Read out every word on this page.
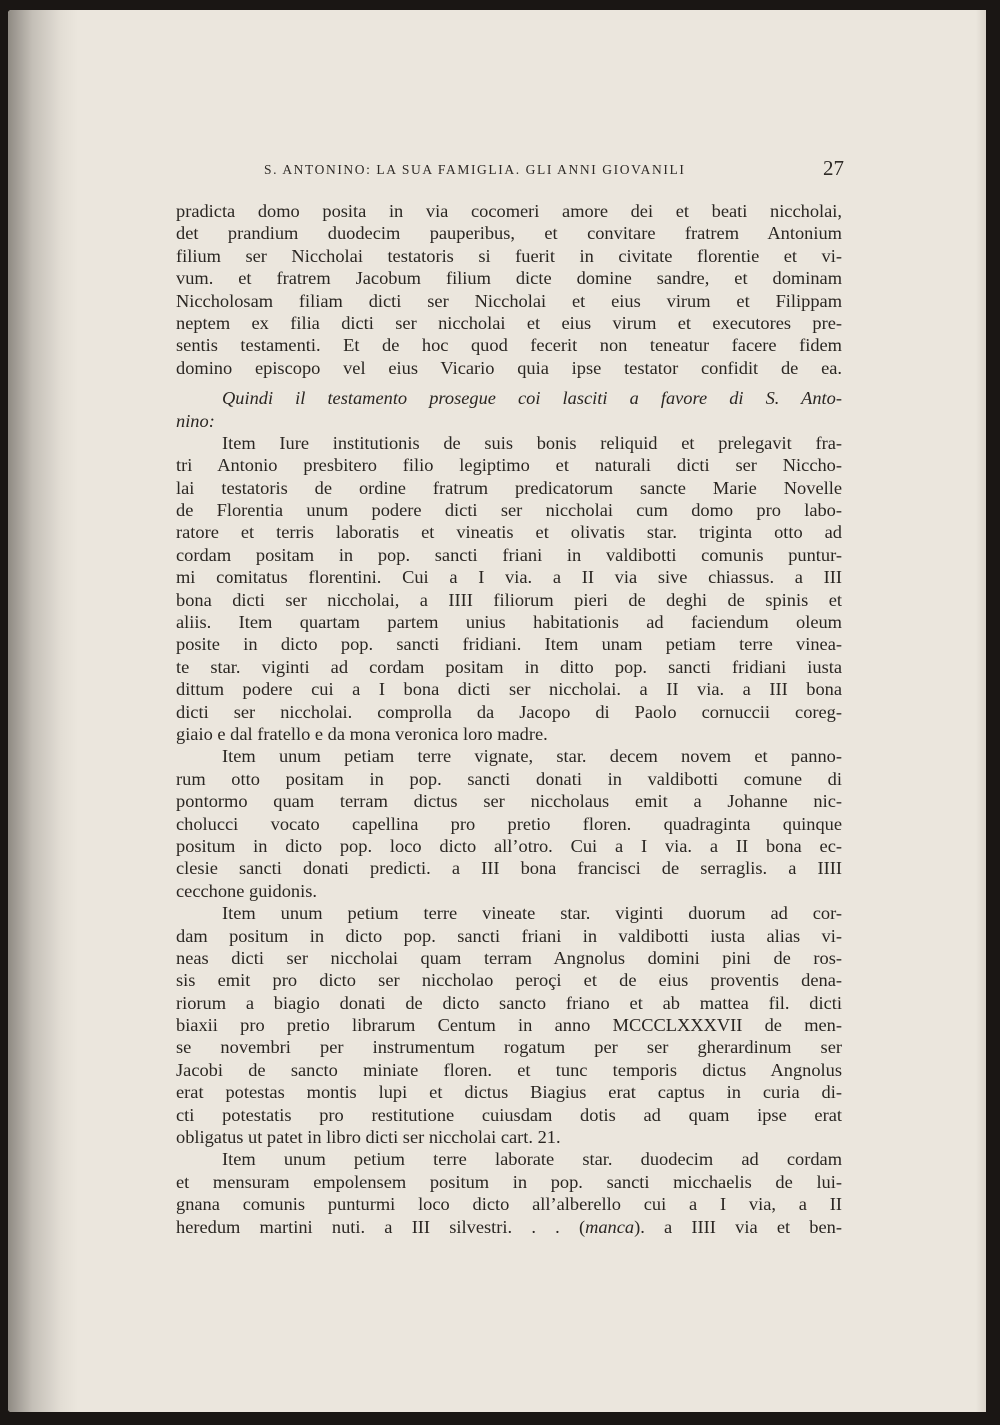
S. ANTONINO: LA SUA FAMIGLIA. GLI ANNI GIOVANILI	27
pradicta domo posita in via cocomeri amore dei et beati niccholai,
det prandium duodecim pauperibus, et convitare fratrem Antonium
filium ser Niccholai testatoris si fuerit in civitate florentie et vi-
vum. et fratrem Jacobum filium dicte domine sandre, et dominam
Niccholosam filiam dicti ser Niccholai et eius virum et Filippam
neptem ex filia dicti ser niccholai et eius virum et executores pre-
sentis testamenti. Et de hoc quod fecerit non teneatur facere fidem
domino episcopo vel eius Vicario quia ipse testator confidit de ea.
Quindi il testamento prosegue coi lasciti a favore di S. Anto-
nino:
Item Iure institutionis de suis bonis reliquid et prelegavit fra-
tri Antonio presbitero filio legiptimo et naturali dicti ser Niccho-
lai testatoris de ordine fratrum predicatorum sancte Marie Novelle
de Florentia unum podere dicti ser niccholai cum domo pro labo-
ratore et terris laboratis et vineatis et olivatis star. triginta otto ad
cordam positam in pop. sancti friani in valdibotti comunis puntur-
mi comitatus florentini. Cui a I via. a II via sive chiassus. a III
bona dicti ser niccholai, a IIII filiorum pieri de deghi de spinis et
aliis. Item quartam partem unius habitationis ad faciendum oleum
posite in dicto pop. sancti fridiani. Item unam petiam terre vinea-
te star. viginti ad cordam positam in ditto pop. sancti fridiani iusta
dittum podere cui a I bona dicti ser niccholai. a II via. a III bona
dicti ser niccholai. comprolla da Jacopo di Paolo cornuccii coreg-
giaio e dal fratello e da mona veronica loro madre.
Item unum petiam terre vignate, star. decem novem et panno-
rum otto positam in pop. sancti donati in valdibotti comune di
pontormo quam terram dictus ser niccholaus emit a Johanne nic-
cholucci vocato capellina pro pretio floren. quadraginta quinque
positum in dicto pop. loco dicto all’otro. Cui a I via. a II bona ec-
clesie sancti donati predicti. a III bona francisci de serraglis. a IIII
cecchone guidonis.
Item unum petium terre vineate star. viginti duorum ad cor-
dam positum in dicto pop. sancti friani in valdibotti iusta alias vi-
neas dicti ser niccholai quam terram Angnolus domini pini de ros-
sis emit pro dicto ser niccholao peroçi et de eius proventis dena-
riorum a biagio donati de dicto sancto friano et ab mattea fil. dicti
biaxii pro pretio librarum Centum in anno MCCCLXXXVII de men-
se novembri per instrumentum rogatum per ser gherardinum ser
Jacobi de sancto miniate floren. et tunc temporis dictus Angnolus
erat potestas montis lupi et dictus Biagius erat captus in curia di-
cti potestatis pro restitutione cuiusdam dotis ad quam ipse erat
obligatus ut patet in libro dicti ser niccholai cart. 21.
Item unum petium terre laborate star. duodecim ad cordam
et mensuram empolensem positum in pop. sancti micchaelis de lui-
gnana comunis punturmi loco dicto all’alberello cui a I via, a II
heredum martini nuti. a III silvestri. . . (manca). a IIII via et ben-
